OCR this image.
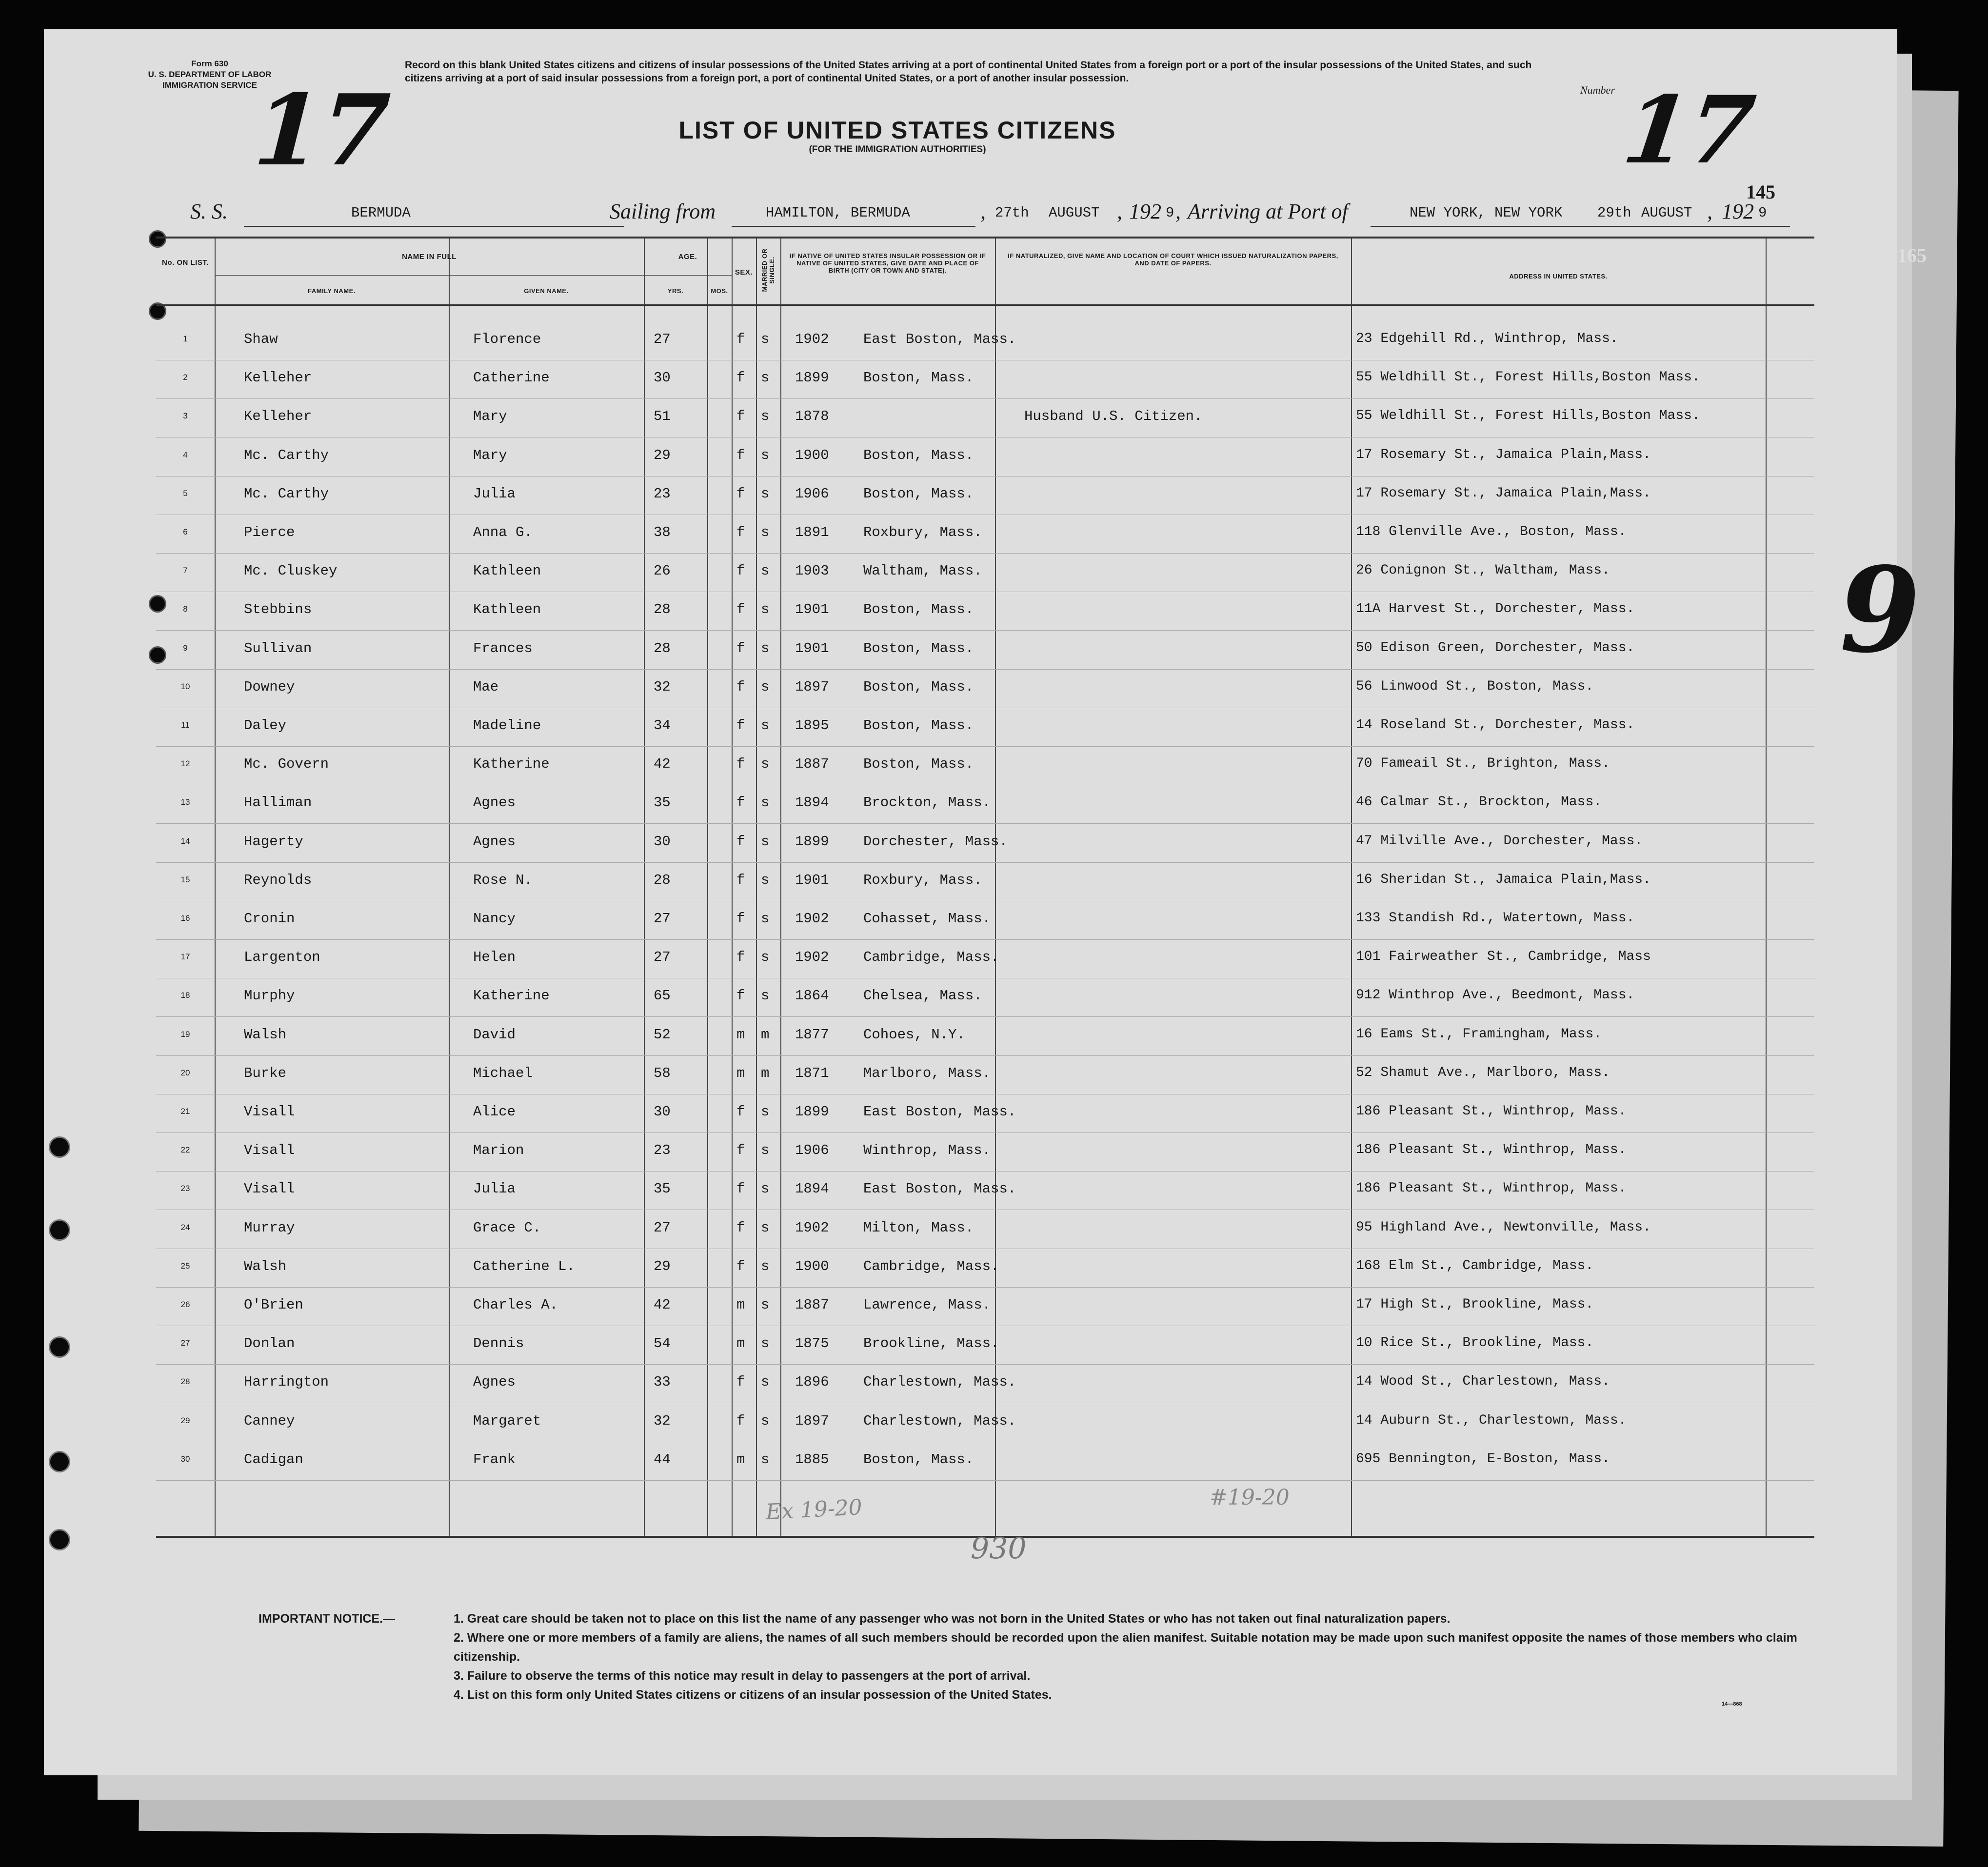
Form 630
U. S. DEPARTMENT OF LABOR
IMMIGRATION SERVICE
Record on this blank United States citizens and citizens of insular possessions of the United States arriving at a port of continental United States from a foreign port or a port of the insular possessions of the United States, and such citizens arriving at a port of said insular possessions from a foreign port, a port of continental United States, or a port of another insular possession.
LIST OF UNITED STATES CITIZENS
(FOR THE IMMIGRATION AUTHORITIES)
Number
17	17
9
145
S. S.	BERMUDA	Sailing from	HAMILTON, BERMUDA	, 27th AUGUST , 192 9 , Arriving at Port of	NEW YORK, NEW YORK 29th AUGUST , 192 9
165
No. ON LIST.
NAME IN FULL
FAMILY NAME.	GIVEN NAME.
AGE.
YRS.	MOS.
SEX.	MARRIED OR SINGLE.
IF NATIVE OF UNITED STATES INSULAR POSSESSION OR IF NATIVE OF UNITED STATES, GIVE DATE AND PLACE OF BIRTH (CITY OR TOWN AND STATE).
IF NATURALIZED, GIVE NAME AND LOCATION OF COURT WHICH ISSUED NATURALIZATION PAPERS, AND DATE OF PAPERS.
ADDRESS IN UNITED STATES.
1	Shaw	Florence	27	f s 1902 East Boston, Mass.	23 Edgehill Rd., Winthrop, Mass.
2	Kelleher	Catherine	30	f s 1899 Boston, Mass.	55 Weldhill St., Forest Hills,Boston Mass.
3	Kelleher	Mary	51	f s 1878	Husband U.S. Citizen.	55 Weldhill St., Forest Hills,Boston Mass.
4	Mc. Carthy	Mary	29	f s 1900 Boston, Mass.	17 Rosemary St., Jamaica Plain,Mass.
5	Mc. Carthy	Julia	23	f s 1906 Boston, Mass.	17 Rosemary St., Jamaica Plain,Mass.
6	Pierce	Anna G.	38	f s 1891 Roxbury, Mass.	118 Glenville Ave., Boston, Mass.
7	Mc. Cluskey	Kathleen	26	f s 1903 Waltham, Mass.	26 Conignon St., Waltham, Mass.
8	Stebbins	Kathleen	28	f s 1901 Boston, Mass.	11A Harvest St., Dorchester, Mass.
9	Sullivan	Frances	28	f s 1901 Boston, Mass.	50 Edison Green, Dorchester, Mass.
10	Downey	Mae	32	f s 1897 Boston, Mass.	56 Linwood St., Boston, Mass.
11	Daley	Madeline	34	f s 1895 Boston, Mass.	14 Roseland St., Dorchester, Mass.
12	Mc. Govern	Katherine	42	f s 1887 Boston, Mass.	70 Fameail St., Brighton, Mass.
13	Halliman	Agnes	35	f s 1894 Brockton, Mass.	46 Calmar St., Brockton, Mass.
14	Hagerty	Agnes	30	f s 1899 Dorchester, Mass.	47 Milville Ave., Dorchester, Mass.
15	Reynolds	Rose N.	28	f s 1901 Roxbury, Mass.	16 Sheridan St., Jamaica Plain,Mass.
16	Cronin	Nancy	27	f s 1902 Cohasset, Mass.	133 Standish Rd., Watertown, Mass.
17	Largenton	Helen	27	f s 1902 Cambridge, Mass.	101 Fairweather St., Cambridge, Mass
18	Murphy	Katherine	65	f s 1864 Chelsea, Mass.	912 Winthrop Ave., Beedmont, Mass.
19	Walsh	David	52	m m 1877 Cohoes, N.Y.	16 Eams St., Framingham, Mass.
20	Burke	Michael	58	m m 1871 Marlboro, Mass.	52 Shamut Ave., Marlboro, Mass.
21	Visall	Alice	30	f s 1899 East Boston, Mass.	186 Pleasant St., Winthrop, Mass.
22	Visall	Marion	23	f s 1906 Winthrop, Mass.	186 Pleasant St., Winthrop, Mass.
23	Visall	Julia	35	f s 1894 East Boston, Mass.	186 Pleasant St., Winthrop, Mass.
24	Murray	Grace C.	27	f s 1902 Milton, Mass.	95 Highland Ave., Newtonville, Mass.
25	Walsh	Catherine L.	29	f s 1900 Cambridge, Mass.	168 Elm St., Cambridge, Mass.
26	O'Brien	Charles A.	42	m s 1887 Lawrence, Mass.	17 High St., Brookline, Mass.
27	Donlan	Dennis	54	m s 1875 Brookline, Mass.	10 Rice St., Brookline, Mass.
28	Harrington	Agnes	33	f s 1896 Charlestown, Mass.	14 Wood St., Charlestown, Mass.
29	Canney	Margaret	32	f s 1897 Charlestown, Mass.	14 Auburn St., Charlestown, Mass.
30	Cadigan	Frank	44	m s 1885 Boston, Mass.	695 Bennington, E-Boston, Mass.
Ex 19-20	#19-20
930
IMPORTANT NOTICE.—	1. Great care should be taken not to place on this list the name of any passenger who was not born in the United States or who has not taken out final naturalization papers.
2. Where one or more members of a family are aliens, the names of all such members should be recorded upon the alien manifest. Suitable notation may be made upon such manifest opposite the names of those members who claim citizenship.
3. Failure to observe the terms of this notice may result in delay to passengers at the port of arrival.
4. List on this form only United States citizens or citizens of an insular possession of the United States.
14—868
